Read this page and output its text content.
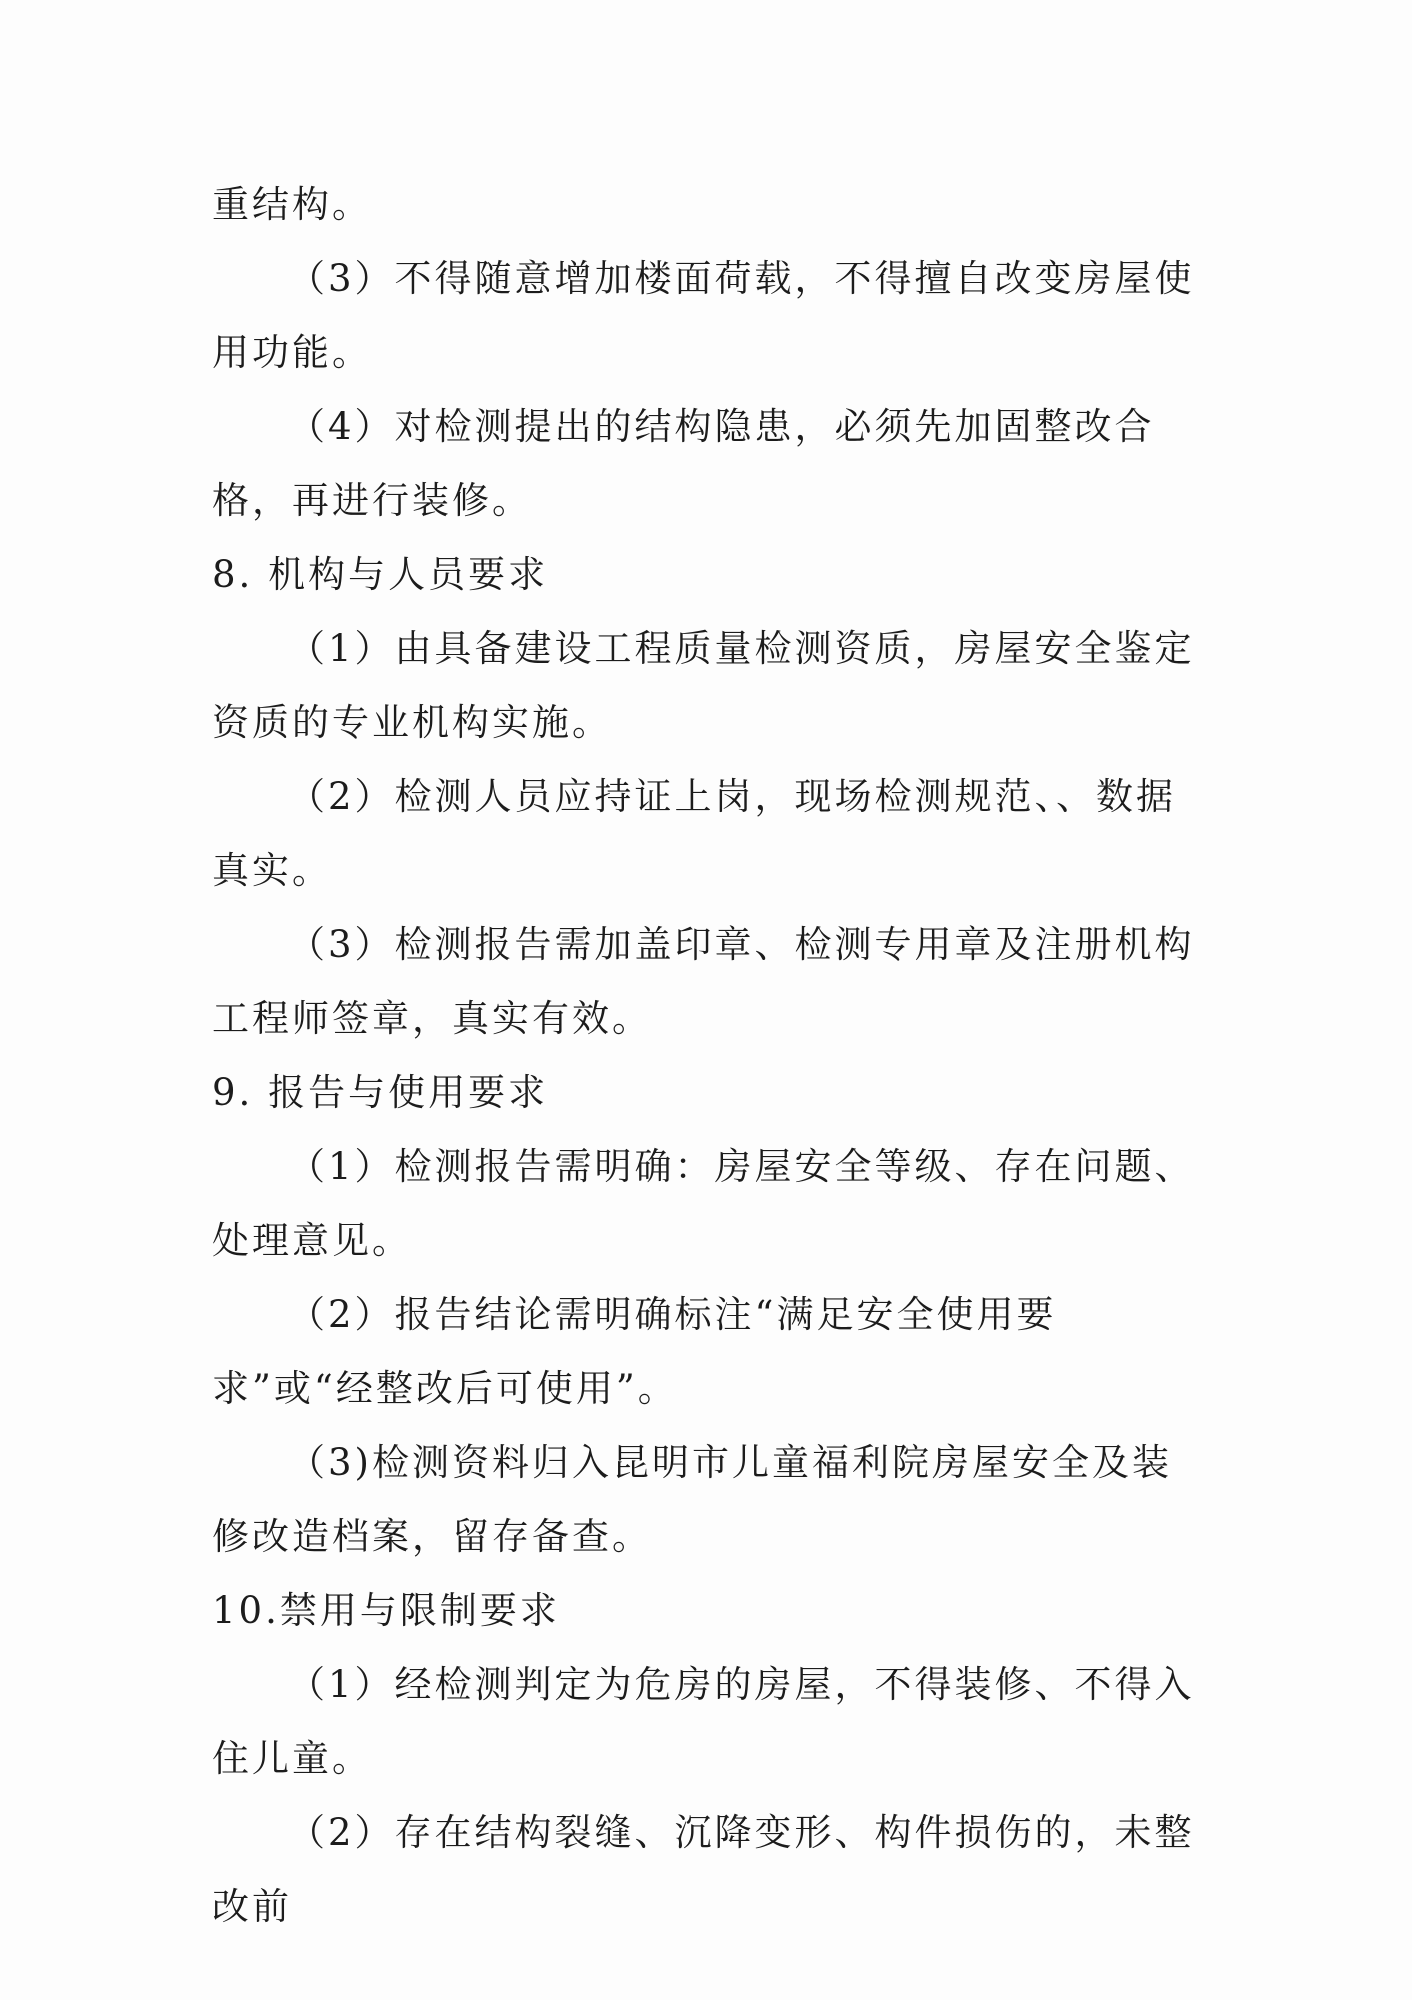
重结构。

（3）不得随意增加楼面荷载，不得擅自改变房屋使用功能。

（4）对检测提出的结构隐患，必须先加固整改合格，再进行装修。

8. 机构与人员要求

（1）由具备建设工程质量检测资质，房屋安全鉴定资质的专业机构实施。

（2）检测人员应持证上岗，现场检测规范、、数据真实。

（3）检测报告需加盖印章、检测专用章及注册机构工程师签章，真实有效。

9. 报告与使用要求

（1）检测报告需明确：房屋安全等级、存在问题、处理意见。

（2）报告结论需明确标注“满足安全使用要求”或“经整改后可使用”。

（3)检测资料归入昆明市儿童福利院房屋安全及装修改造档案，留存备查。

10.禁用与限制要求

（1）经检测判定为危房的房屋，不得装修、不得入住儿童。

（2）存在结构裂缝、沉降变形、构件损伤的，未整改前
